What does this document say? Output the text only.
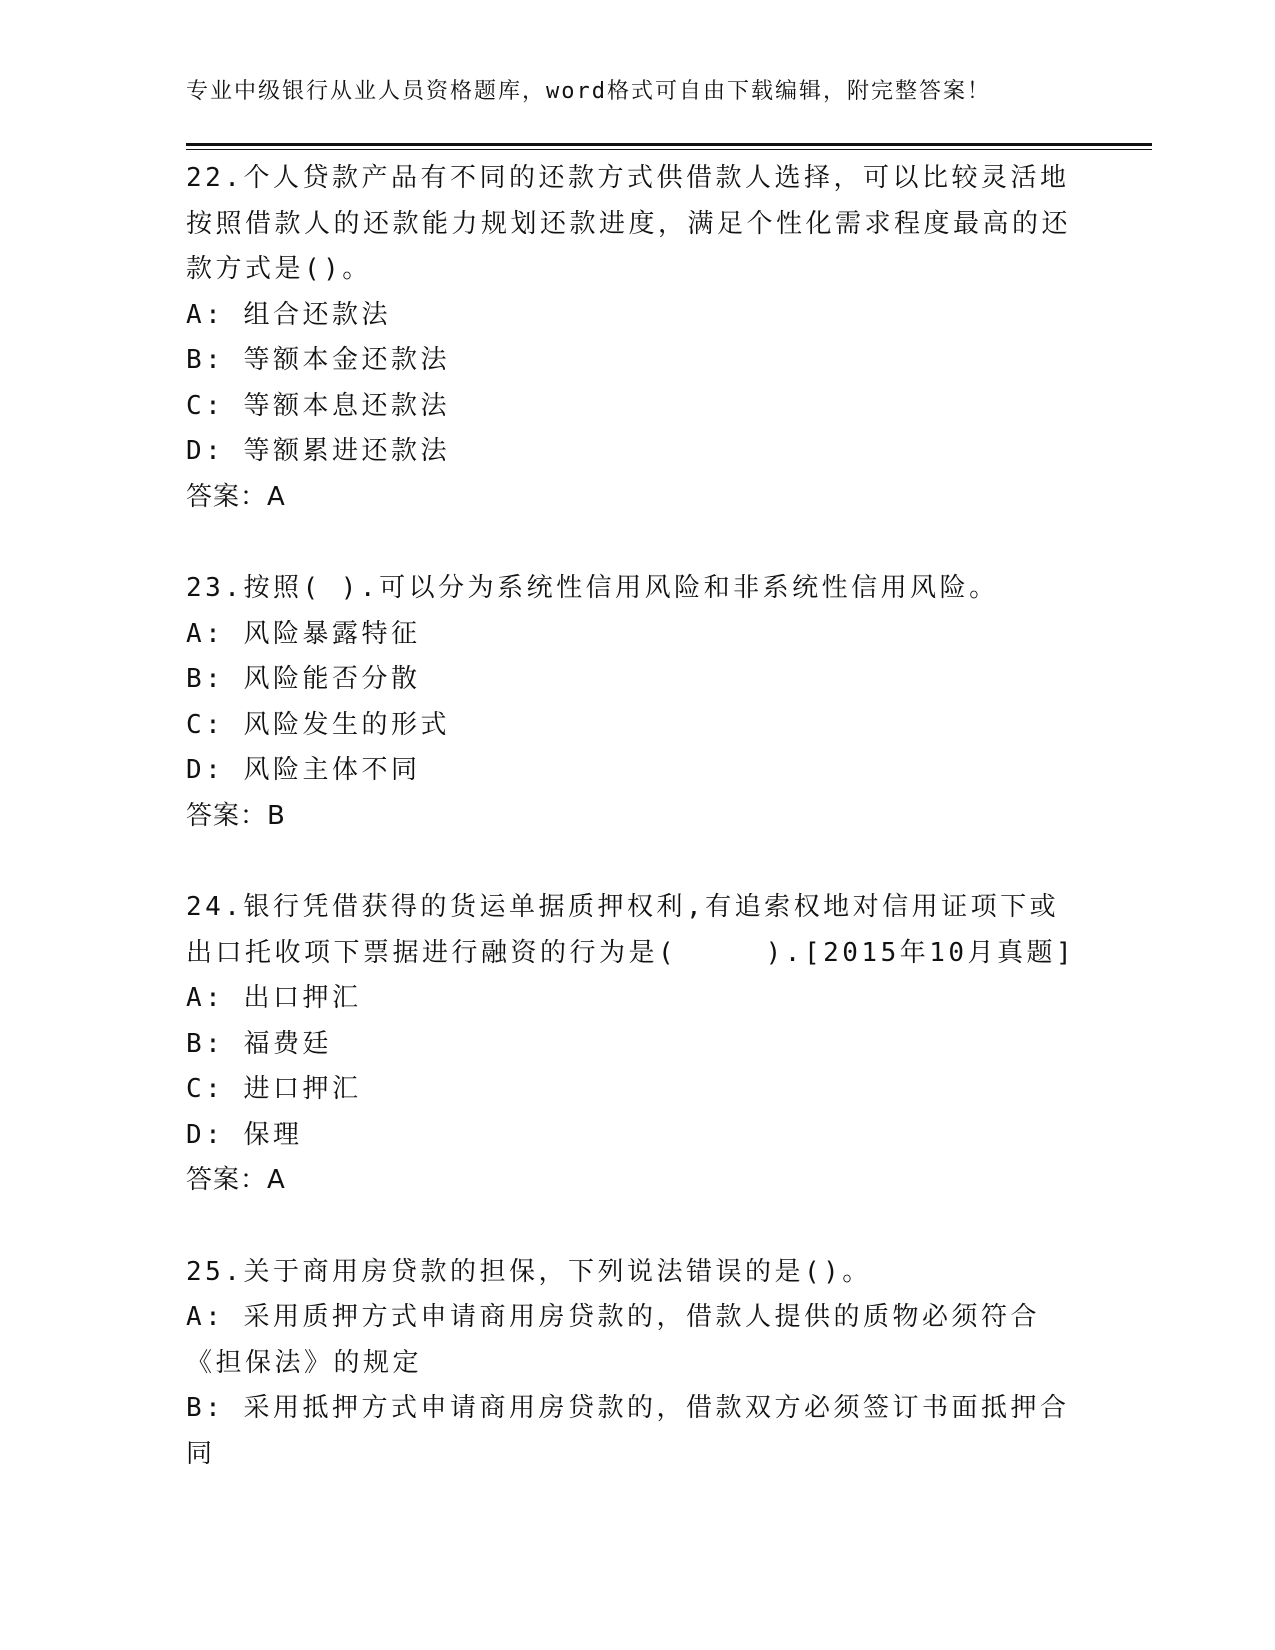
专业中级银行从业人员资格题库，word格式可自由下载编辑，附完整答案！
22.个人贷款产品有不同的还款方式供借款人选择，可以比较灵活地按照借款人的还款能力规划还款进度，满足个性化需求程度最高的还款方式是()。
A: 组合还款法
B: 等额本金还款法
C: 等额本息还款法
D: 等额累进还款法
答案：A
23.按照( ).可以分为系统性信用风险和非系统性信用风险。
A: 风险暴露特征
B: 风险能否分散
C: 风险发生的形式
D: 风险主体不同
答案：B
24.银行凭借获得的货运单据质押权利,有追索权地对信用证项下或出口托收项下票据进行融资的行为是(　　　).[2015年10月真题]
A: 出口押汇
B: 福费廷
C: 进口押汇
D: 保理
答案：A
25.关于商用房贷款的担保，下列说法错误的是()。
A: 采用质押方式申请商用房贷款的，借款人提供的质物必须符合《担保法》的规定
B: 采用抵押方式申请商用房贷款的，借款双方必须签订书面抵押合同
